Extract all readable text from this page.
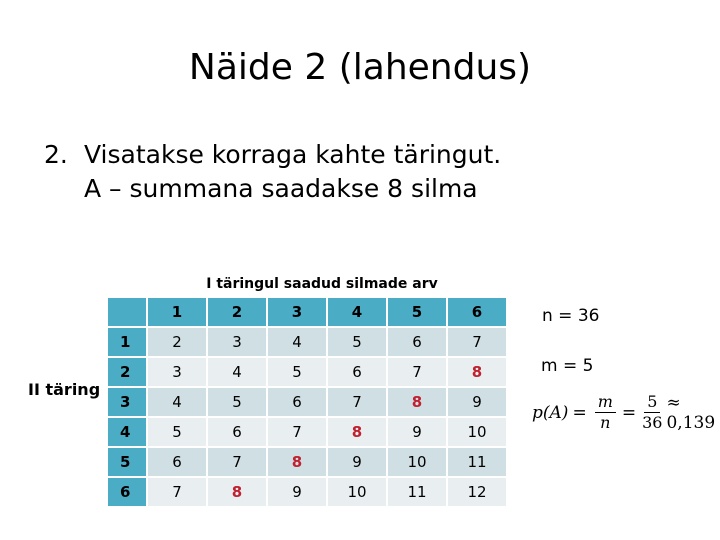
Näide 2 (lahendus)
2. Visatakse korraga kahte täringut.
A – summana saadakse 8 silma
I täringul saadud silmade arv
II täring
	1	2	3	4	5	6
1	2	3	4	5	6	7
2	3	4	5	6	7	8
3	4	5	6	7	8	9
4	5	6	7	8	9	10
5	6	7	8	9	10	11
6	7	8	9	10	11	12
n = 36
m = 5
$p(A) = \frac{m}{n} = \frac{5}{36} \approx 0,139$
